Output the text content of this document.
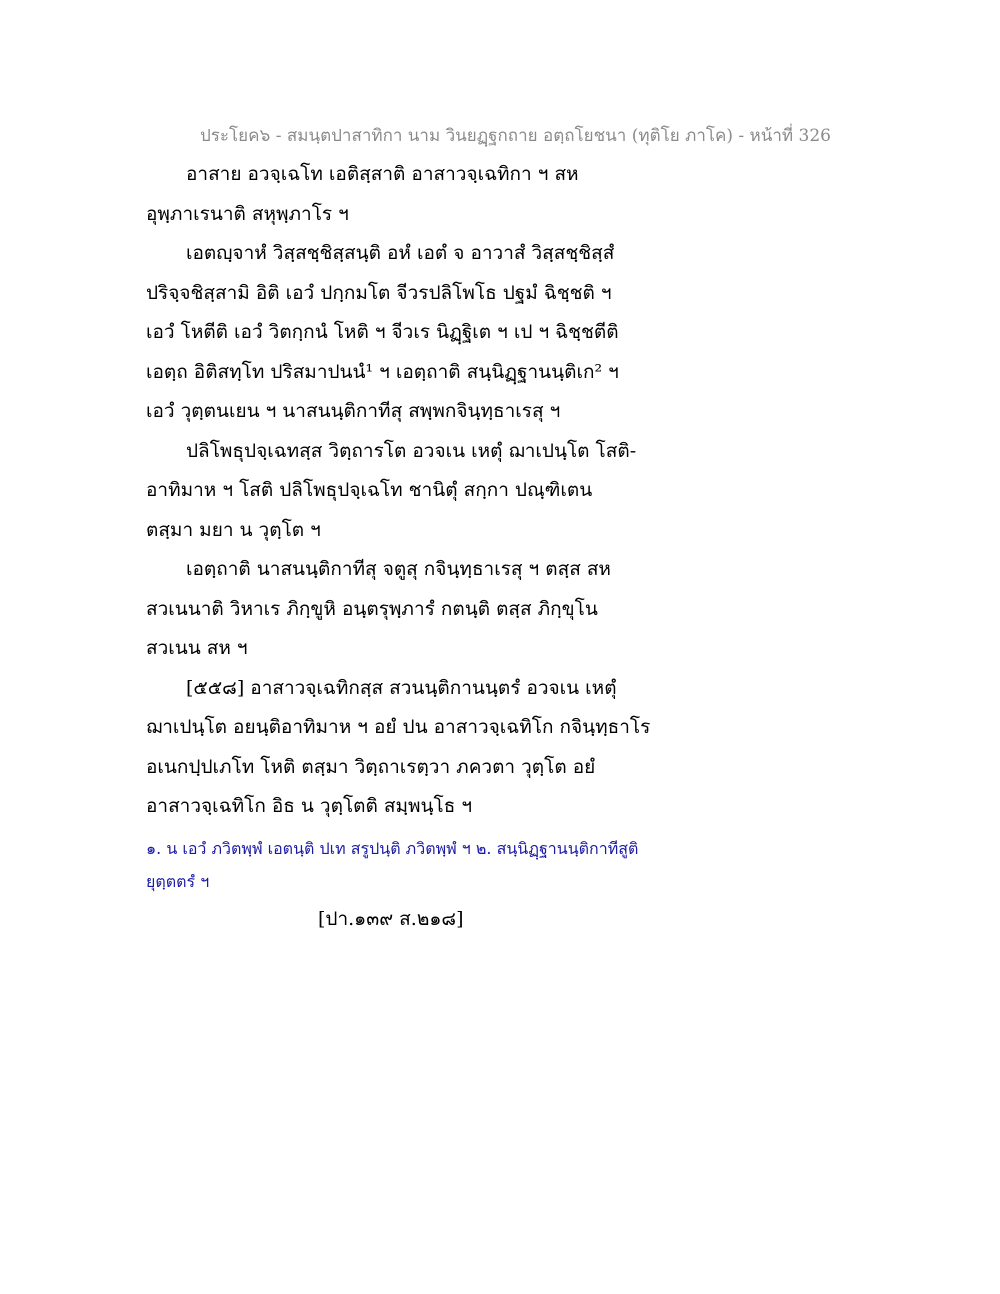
ประโยค๖ - สมนฺตปาสาทิกา นาม วินยฏฺฐกถาย อตฺถโยชนา (ทุติโย ภาโค) - หน้าที่ 326
อาสาย อวจฺเฉโท เอติสฺสาติ อาสาวจฺเฉทิกา ฯ สห
อุพฺภาเรนาติ สหุพฺภาโร ฯ
เอตญฺจาหํ วิสฺสชฺชิสฺสนฺติ อหํ เอตํ จ อาวาสํ วิสฺสชฺชิสฺสํ
ปริจฺจชิสฺสามิ อิติ เอวํ ปกฺกมโต จีวรปลิโพโธ ปฐมํ ฉิชฺชติ ฯ
เอวํ โหตีติ เอวํ วิตกฺกนํ โหติ ฯ จีวเร นิฏฺฐิเต ฯ เป ฯ ฉิชฺชตีติ
เอตฺถ อิติสทฺโท ปริสมาปนนํ¹ ฯ เอตฺถาติ สนฺนิฏฺฐานนฺติเก² ฯ
เอวํ วุตฺตนเยน ฯ นาสนนฺติกาทีสุ สพฺพกจินฺทฺธาเรสุ ฯ
ปลิโพธุปจฺเฉทสฺส วิตฺถารโต อวจเน เหตุํ ฌาเปนฺโต โสติ-
อาทิมาห ฯ โสติ ปลิโพธุปจฺเฉโท ชานิตุํ สกฺกา ปณฺฑิเตน
ตสฺมา มยา น วุตฺโต ฯ
เอตฺถาติ นาสนนฺติกาทีสุ จตูสุ กจินฺทฺธาเรสุ ฯ ตสฺส สห
สวเนนาติ วิหาเร ภิกฺขูหิ อนฺตรุพฺภารํ กตนฺติ ตสฺส ภิกฺขุโน
สวเนน สห ฯ
[๕๕๘] อาสาวจฺเฉทิกสฺส สวนนฺติกานนฺตรํ อวจเน เหตุํ
ฌาเปนฺโต อยนฺติอาทิมาห ฯ อยํ ปน อาสาวจฺเฉทิโก กจินฺทฺธาโร
อเนกปฺปเภโท โหติ ตสฺมา วิตฺถาเรตฺวา ภควตา วุตฺโต อยํ
อาสาวจฺเฉทิโก อิธ น วุตฺโตติ สมฺพนฺโธ ฯ
๑. น เอวํ ภวิตพฺพํ เอตนฺติ ปเท สรูปนฺติ ภวิตพฺพํ ฯ ๒. สนฺนิฏฺฐานนฺติกาทีสูติ
ยุตฺตตรํ ฯ
[ปา.๑๓๙ ส.๒๑๘]
